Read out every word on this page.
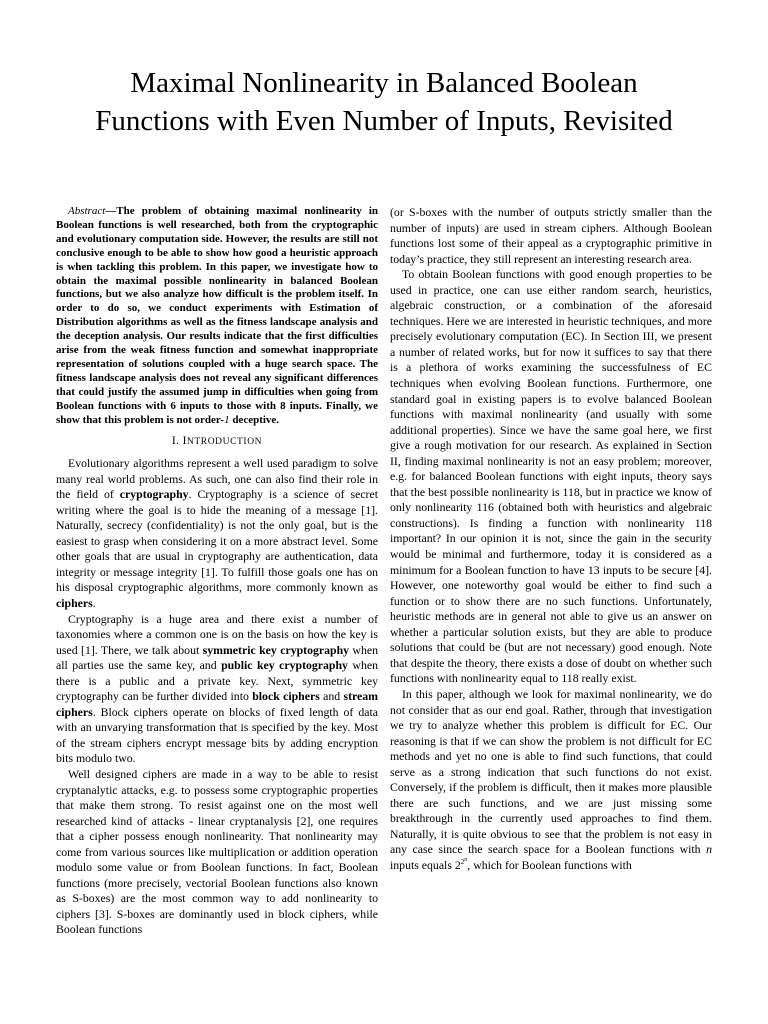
Maximal Nonlinearity in Balanced Boolean
Functions with Even Number of Inputs, Revisited

Abstract—The problem of obtaining maximal nonlinearity in Boolean functions is well researched, both from the cryptographic and evolutionary computation side. However, the results are still not conclusive enough to be able to show how good a heuristic approach is when tackling this problem. In this paper, we investigate how to obtain the maximal possible nonlinearity in balanced Boolean functions, but we also analyze how difficult is the problem itself. In order to do so, we conduct experiments with Estimation of Distribution algorithms as well as the fitness landscape analysis and the deception analysis. Our results indicate that the first difficulties arise from the weak fitness function and somewhat inappropriate representation of solutions coupled with a huge search space. The fitness landscape analysis does not reveal any significant differences that could justify the assumed jump in difficulties when going from Boolean functions with 6 inputs to those with 8 inputs. Finally, we show that this problem is not order-1 deceptive.

I. INTRODUCTION

Evolutionary algorithms represent a well used paradigm to solve many real world problems. As such, one can also find their role in the field of cryptography. Cryptography is a science of secret writing where the goal is to hide the meaning of a message [1]. Naturally, secrecy (confidentiality) is not the only goal, but is the easiest to grasp when considering it on a more abstract level. Some other goals that are usual in cryptography are authentication, data integrity or message integrity [1]. To fulfill those goals one has on his disposal cryptographic algorithms, more commonly known as ciphers.

Cryptography is a huge area and there exist a number of taxonomies where a common one is on the basis on how the key is used [1]. There, we talk about symmetric key cryptography when all parties use the same key, and public key cryptography when there is a public and a private key. Next, symmetric key cryptography can be further divided into block ciphers and stream ciphers. Block ciphers operate on blocks of fixed length of data with an unvarying transformation that is specified by the key. Most of the stream ciphers encrypt message bits by adding encryption bits modulo two.

Well designed ciphers are made in a way to be able to resist cryptanalytic attacks, e.g. to possess some cryptographic properties that make them strong. To resist against one on the most well researched kind of attacks - linear cryptanalysis [2], one requires that a cipher possess enough nonlinearity. That nonlinearity may come from various sources like multiplication or addition operation modulo some value or from Boolean functions. In fact, Boolean functions (more precisely, vectorial Boolean functions also known as S-boxes) are the most common way to add nonlinearity to ciphers [3]. S-boxes are dominantly used in block ciphers, while Boolean functions

(or S-boxes with the number of outputs strictly smaller than the number of inputs) are used in stream ciphers. Although Boolean functions lost some of their appeal as a cryptographic primitive in today’s practice, they still represent an interesting research area.

To obtain Boolean functions with good enough properties to be used in practice, one can use either random search, heuristics, algebraic construction, or a combination of the aforesaid techniques. Here we are interested in heuristic techniques, and more precisely evolutionary computation (EC). In Section III, we present a number of related works, but for now it suffices to say that there is a plethora of works examining the successfulness of EC techniques when evolving Boolean functions. Furthermore, one standard goal in existing papers is to evolve balanced Boolean functions with maximal nonlinearity (and usually with some additional properties). Since we have the same goal here, we first give a rough motivation for our research. As explained in Section II, finding maximal nonlinearity is not an easy problem; moreover, e.g. for balanced Boolean functions with eight inputs, theory says that the best possible nonlinearity is 118, but in practice we know of only nonlinearity 116 (obtained both with heuristics and algebraic constructions). Is finding a function with nonlinearity 118 important? In our opinion it is not, since the gain in the security would be minimal and furthermore, today it is considered as a minimum for a Boolean function to have 13 inputs to be secure [4]. However, one noteworthy goal would be either to find such a function or to show there are no such functions. Unfortunately, heuristic methods are in general not able to give us an answer on whether a particular solution exists, but they are able to produce solutions that could be (but are not necessary) good enough. Note that despite the theory, there exists a dose of doubt on whether such functions with nonlinearity equal to 118 really exist.

In this paper, although we look for maximal nonlinearity, we do not consider that as our end goal. Rather, through that investigation we try to analyze whether this problem is difficult for EC. Our reasoning is that if we can show the problem is not difficult for EC methods and yet no one is able to find such functions, that could serve as a strong indication that such functions do not exist. Conversely, if the problem is difficult, then it makes more plausible there are such functions, and we are just missing some breakthrough in the currently used approaches to find them. Naturally, it is quite obvious to see that the problem is not easy in any case since the search space for a Boolean functions with n inputs equals $2^{2^n}$, which for Boolean functions with
